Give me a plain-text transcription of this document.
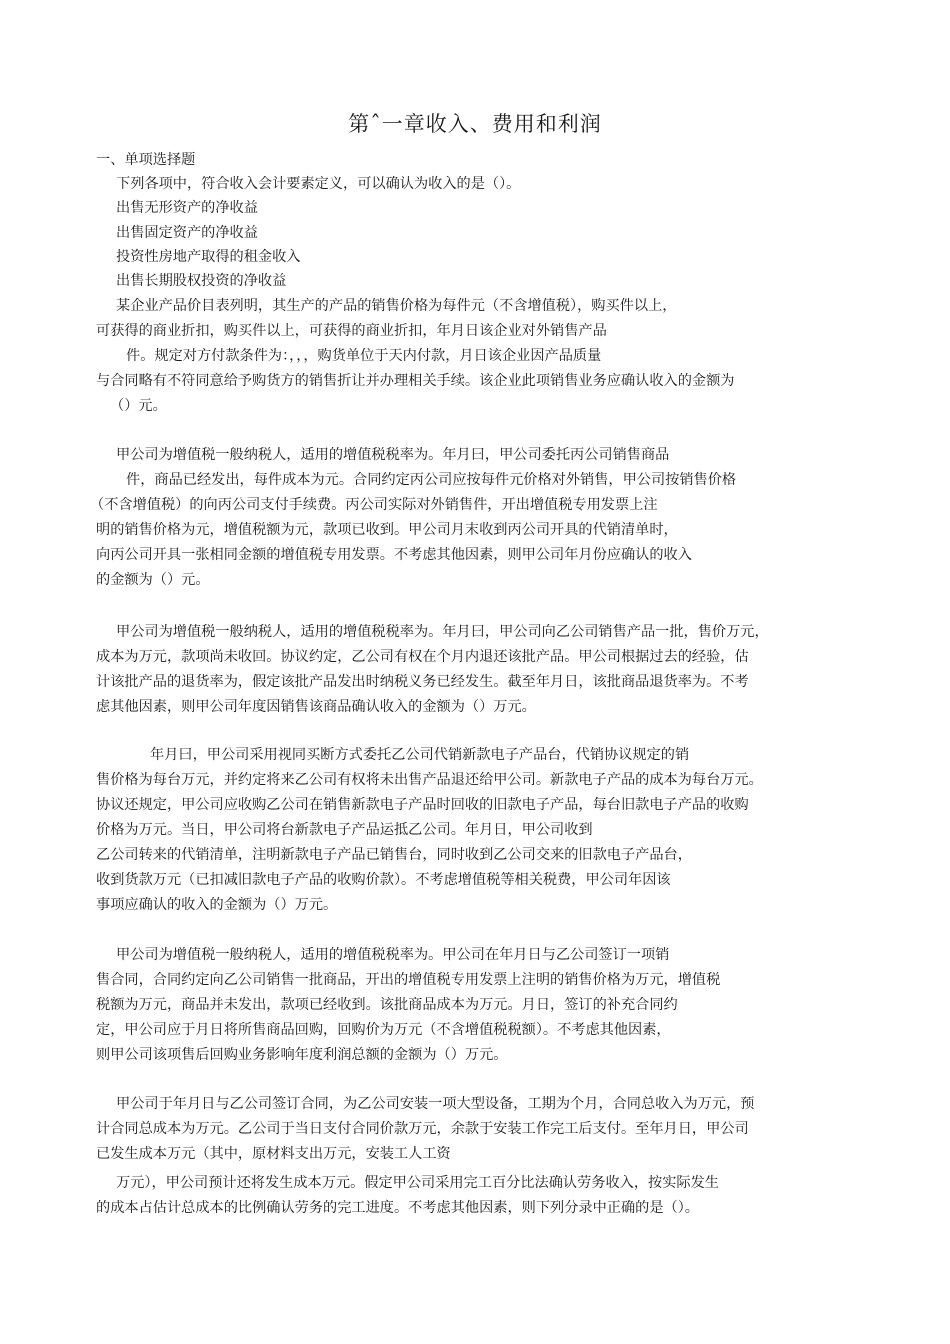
第ˆ一章收入、费用和利润
一、单项选择题
下列各项中，符合收入会计要素定义，可以确认为收入的是（）。
出售无形资产的净收益
出售固定资产的净收益
投资性房地产取得的租金收入
出售长期股权投资的净收益
某企业产品价目表列明，其生产的产品的销售价格为每件元（不含增值税），购买件以上，
可获得的商业折扣，购买件以上，可获得的商业折扣，年月日该企业对外销售产品
件。规定对方付款条件为：，，，购货单位于天内付款，月日该企业因产品质量
与合同略有不符同意给予购货方的销售折让并办理相关手续。该企业此项销售业务应确认收入的金额为
（）元。
甲公司为增值税一般纳税人，适用的增值税税率为。年月曰，甲公司委托丙公司销售商品
件，商品已经发出，每件成本为元。合同约定丙公司应按每件元价格对外销售，甲公司按销售价格
（不含增值税）的向丙公司支付手续费。丙公司实际对外销售件，开出增值税专用发票上注
明的销售价格为元，增值税额为元，款项已收到。甲公司月末收到丙公司开具的代销清单时，
向丙公司开具一张相同金额的增值税专用发票。不考虑其他因素，则甲公司年月份应确认的收入
的金额为（）元。
甲公司为增值税一般纳税人，适用的增值税税率为。年月曰，甲公司向乙公司销售产品一批，售价万元，
成本为万元，款项尚未收回。协议约定，乙公司有权在个月内退还该批产品。甲公司根据过去的经验，估
计该批产品的退货率为，假定该批产品发出时纳税义务已经发生。截至年月日，该批商品退货率为。不考
虑其他因素，则甲公司年度因销售该商品确认收入的金额为（）万元。
年月曰，甲公司采用视同买断方式委托乙公司代销新款电子产品台，代销协议规定的销
售价格为每台万元，并约定将来乙公司有权将未出售产品退还给甲公司。新款电子产品的成本为每台万元。
协议还规定，甲公司应收购乙公司在销售新款电子产品时回收的旧款电子产品，每台旧款电子产品的收购
价格为万元。当日，甲公司将台新款电子产品运抵乙公司。年月日，甲公司收到
乙公司转来的代销清单，注明新款电子产品已销售台，同时收到乙公司交来的旧款电子产品台，
收到货款万元（已扣减旧款电子产品的收购价款）。不考虑增值税等相关税费，甲公司年因该
事项应确认的收入的金额为（）万元。
甲公司为增值税一般纳税人，适用的增值税税率为。甲公司在年月日与乙公司签订一项销
售合同，合同约定向乙公司销售一批商品，开出的增值税专用发票上注明的销售价格为万元，增值税
税额为万元，商品并未发出，款项已经收到。该批商品成本为万元。月日，签订的补充合同约
定，甲公司应于月日将所售商品回购，回购价为万元（不含增值税税额）。不考虑其他因素，
则甲公司该项售后回购业务影响年度利润总额的金额为（）万元。
甲公司于年月日与乙公司签订合同，为乙公司安装一项大型设备，工期为个月，合同总收入为万元，预
计合同总成本为万元。乙公司于当日支付合同价款万元，余款于安装工作完工后支付。至年月日，甲公司
已发生成本万元（其中，原材料支出万元，安装工人工资
万元），甲公司预计还将发生成本万元。假定甲公司采用完工百分比法确认劳务收入，按实际发生
的成本占估计总成本的比例确认劳务的完工进度。不考虑其他因素，则下列分录中正确的是（）。
